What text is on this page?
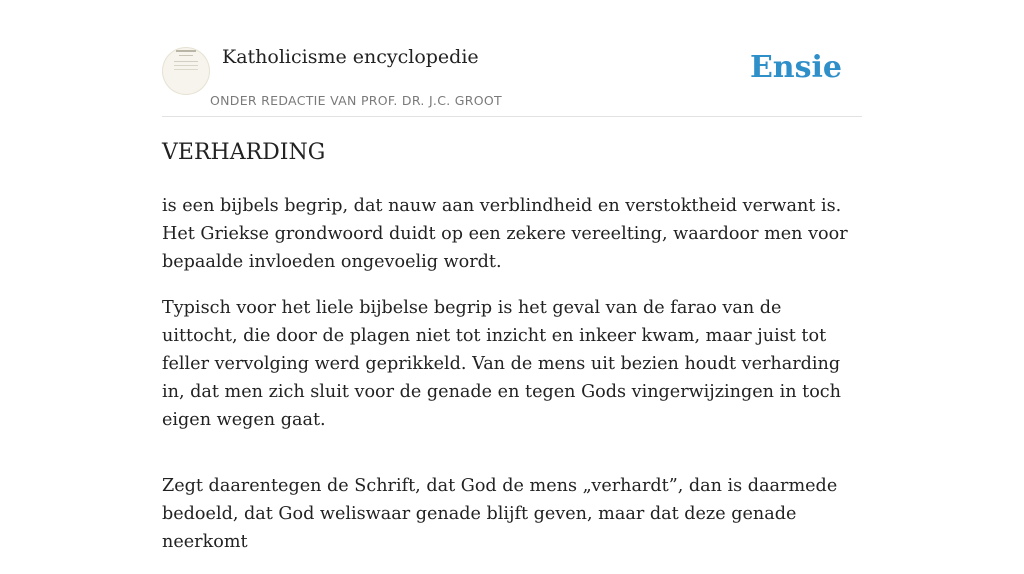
Katholicisme encyclopedie
ONDER REDACTIE VAN PROF. DR. J.C. GROOT
Ensie
VERHARDING

is een bijbels begrip, dat nauw aan verblindheid en verstoktheid verwant is. Het Griekse grondwoord duidt op een zekere vereelting, waardoor men voor bepaalde invloeden ongevoelig wordt.

Typisch voor het liele bijbelse begrip is het geval van de farao van de uittocht, die door de plagen niet tot inzicht en inkeer kwam, maar juist tot feller vervolging werd geprikkeld. Van de mens uit bezien houdt verharding in, dat men zich sluit voor de genade en tegen Gods vingerwijzingen in toch eigen wegen gaat.

Zegt daarentegen de Schrift, dat God de mens „verhardt”, dan is daarmede bedoeld, dat God weliswaar genade blijft geven, maar dat deze genade neerkomt
